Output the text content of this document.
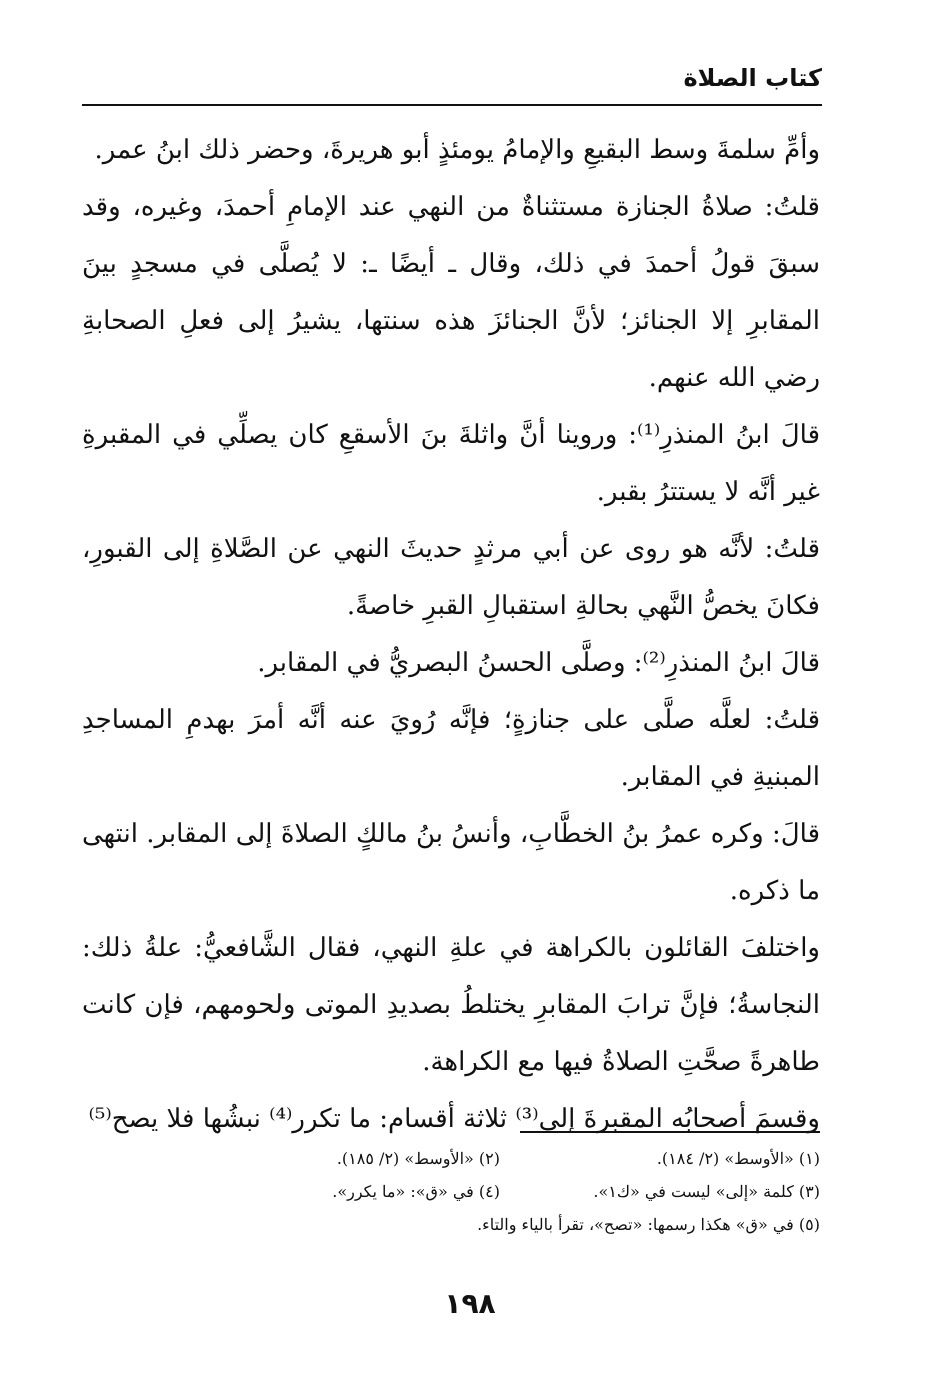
كتاب الصلاة

وأمِّ سلمةَ وسط البقيعِ والإمامُ يومئذٍ أبو هريرةَ، وحضر ذلك ابنُ عمر.

قلتُ: صلاةُ الجنازة مستثناةٌ من النهي عند الإمامِ أحمدَ، وغيره، وقد سبقَ قولُ أحمدَ في ذلك، وقال ـ أيضًا ـ: لا يُصلَّى في مسجدٍ بينَ المقابرِ إلا الجنائز؛ لأنَّ الجنائزَ هذه سنتها، يشيرُ إلى فعلِ الصحابةِ رضي الله عنهم.

قالَ ابنُ المنذرِ⁽¹⁾: وروينا أنَّ واثلةَ بنَ الأسقعِ كان يصلِّي في المقبرةِ غير أنَّه لا يستترُ بقبر.

قلتُ: لأنَّه هو روى عن أبي مرثدٍ حديثَ النهي عن الصَّلاةِ إلى القبورِ، فكانَ يخصُّ النَّهي بحالةِ استقبالِ القبرِ خاصةً.

قالَ ابنُ المنذرِ⁽²⁾: وصلَّى الحسنُ البصريُّ في المقابر.

قلتُ: لعلَّه صلَّى على جنازةٍ؛ فإنَّه رُويَ عنه أنَّه أمرَ بهدمِ المساجدِ المبنيةِ في المقابر.

قالَ: وكره عمرُ بنُ الخطَّابِ، وأنسُ بنُ مالكٍ الصلاةَ إلى المقابر. انتهى ما ذكره.

واختلفَ القائلون بالكراهة في علةِ النهي، فقال الشَّافعيُّ: علةُ ذلك: النجاسةُ؛ فإنَّ ترابَ المقابرِ يختلطُ بصديدِ الموتى ولحومهم، فإن كانت طاهرةً صحَّتِ الصلاةُ فيها مع الكراهة.

وقسمَ أصحابُه المقبرةَ إلى⁽³⁾ ثلاثة أقسام: ما تكرر⁽⁴⁾ نبشُها فلا يصح⁽⁵⁾

(١) «الأوسط» (٢/ ١٨٤).
(٢) «الأوسط» (٢/ ١٨٥).
(٣) كلمة «إلى» ليست في «ك١».
(٤) في «ق»: «ما يكرر».
(٥) في «ق» هكذا رسمها: «تصح»، تقرأ بالياء والتاء.
١٩٨
